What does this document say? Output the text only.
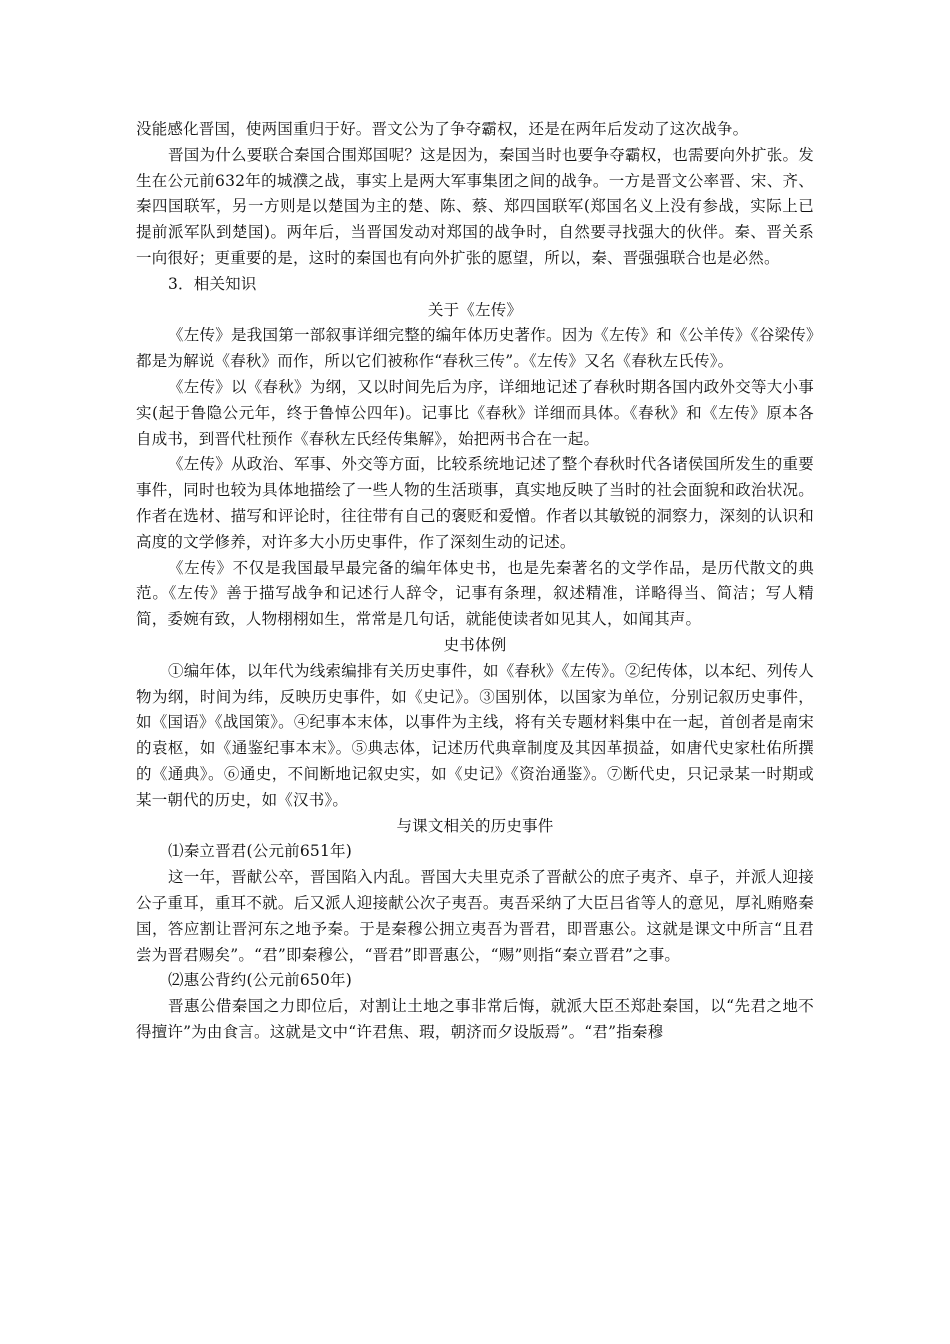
没能感化晋国，使两国重归于好。晋文公为了争夺霸权，还是在两年后发动了这次战争。

晋国为什么要联合秦国合围郑国呢？这是因为，秦国当时也要争夺霸权，也需要向外扩张。发生在公元前632年的城濮之战，事实上是两大军事集团之间的战争。一方是晋文公率晋、宋、齐、秦四国联军，另一方则是以楚国为主的楚、陈、蔡、郑四国联军(郑国名义上没有参战，实际上已提前派军队到楚国)。两年后，当晋国发动对郑国的战争时，自然要寻找强大的伙伴。秦、晋关系一向很好；更重要的是，这时的秦国也有向外扩张的愿望，所以，秦、晋强强联合也是必然。

3．相关知识

关于《左传》

《左传》是我国第一部叙事详细完整的编年体历史著作。因为《左传》和《公羊传》《谷梁传》都是为解说《春秋》而作，所以它们被称作“春秋三传”。《左传》又名《春秋左氏传》。

《左传》以《春秋》为纲，又以时间先后为序，详细地记述了春秋时期各国内政外交等大小事实(起于鲁隐公元年，终于鲁悼公四年)。记事比《春秋》详细而具体。《春秋》和《左传》原本各自成书，到晋代杜预作《春秋左氏经传集解》，始把两书合在一起。

《左传》从政治、军事、外交等方面，比较系统地记述了整个春秋时代各诸侯国所发生的重要事件，同时也较为具体地描绘了一些人物的生活琐事，真实地反映了当时的社会面貌和政治状况。作者在选材、描写和评论时，往往带有自己的褒贬和爱憎。作者以其敏锐的洞察力，深刻的认识和高度的文学修养，对许多大小历史事件，作了深刻生动的记述。

《左传》不仅是我国最早最完备的编年体史书，也是先秦著名的文学作品，是历代散文的典范。《左传》善于描写战争和记述行人辞令，记事有条理，叙述精准，详略得当、简洁；写人精简，委婉有致，人物栩栩如生，常常是几句话，就能使读者如见其人，如闻其声。

史书体例

①编年体，以年代为线索编排有关历史事件，如《春秋》《左传》。②纪传体，以本纪、列传人物为纲，时间为纬，反映历史事件，如《史记》。③国别体，以国家为单位，分别记叙历史事件，如《国语》《战国策》。④纪事本末体，以事件为主线，将有关专题材料集中在一起，首创者是南宋的袁枢，如《通鉴纪事本末》。⑤典志体，记述历代典章制度及其因革损益，如唐代史家杜佑所撰的《通典》。⑥通史，不间断地记叙史实，如《史记》《资治通鉴》。⑦断代史，只记录某一时期或某一朝代的历史，如《汉书》。

与课文相关的历史事件

⑴秦立晋君(公元前651年)

这一年，晋献公卒，晋国陷入内乱。晋国大夫里克杀了晋献公的庶子夷齐、卓子，并派人迎接公子重耳，重耳不就。后又派人迎接献公次子夷吾。夷吾采纳了大臣吕省等人的意见，厚礼贿赂秦国，答应割让晋河东之地予秦。于是秦穆公拥立夷吾为晋君，即晋惠公。这就是课文中所言“且君尝为晋君赐矣”。“君”即秦穆公，“晋君”即晋惠公，“赐”则指“秦立晋君”之事。

⑵惠公背约(公元前650年)

晋惠公借秦国之力即位后，对割让土地之事非常后悔，就派大臣丕郑赴秦国，以“先君之地不得擅许”为由食言。这就是文中“许君焦、瑕，朝济而夕设版焉”。“君”指秦穆
